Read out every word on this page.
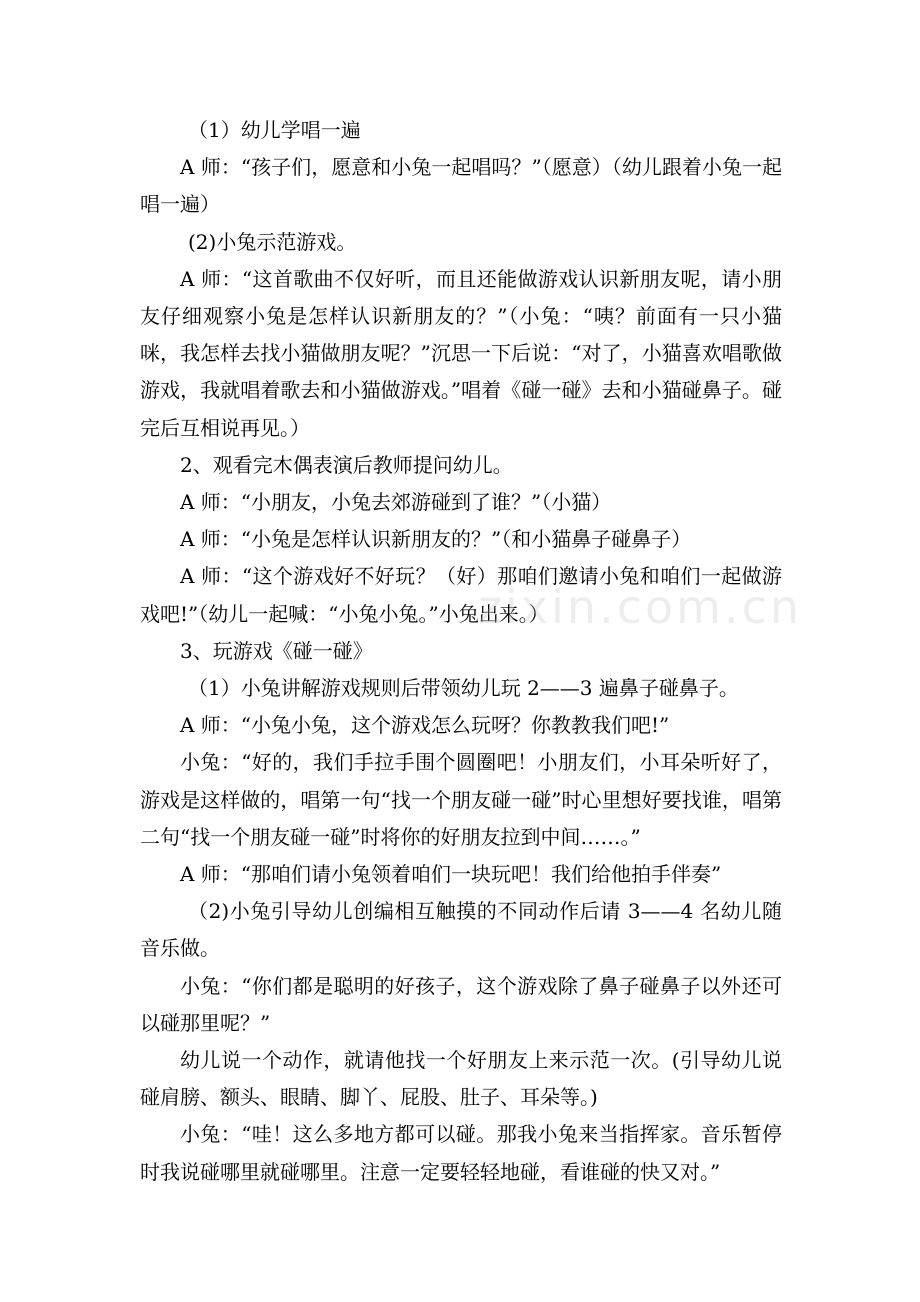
（1）幼儿学唱一遍

A 师：“孩子们，愿意和小兔一起唱吗？”（愿意）（幼儿跟着小兔一起唱一遍）

(2)小兔示范游戏。

A 师：“这首歌曲不仅好听，而且还能做游戏认识新朋友呢，请小朋友仔细观察小兔是怎样认识新朋友的？”（小兔：“咦？前面有一只小猫咪，我怎样去找小猫做朋友呢？”沉思一下后说：“对了，小猫喜欢唱歌做游戏，我就唱着歌去和小猫做游戏。”唱着《碰一碰》去和小猫碰鼻子。碰完后互相说再见。）

2、观看完木偶表演后教师提问幼儿。

A 师：“小朋友，小兔去郊游碰到了谁？”（小猫）

A 师：“小兔是怎样认识新朋友的？”（和小猫鼻子碰鼻子）

A 师：“这个游戏好不好玩？（好）那咱们邀请小兔和咱们一起做游戏吧!”（幼儿一起喊：“小兔小兔。”小兔出来。）

3、玩游戏《碰一碰》

（1）小兔讲解游戏规则后带领幼儿玩 2——3 遍鼻子碰鼻子。

A 师：“小兔小兔，这个游戏怎么玩呀？你教教我们吧!”

小兔：“好的，我们手拉手围个圆圈吧！小朋友们，小耳朵听好了，游戏是这样做的，唱第一句“找一个朋友碰一碰”时心里想好要找谁，唱第二句“找一个朋友碰一碰”时将你的好朋友拉到中间……。”

A 师：“那咱们请小兔领着咱们一块玩吧！我们给他拍手伴奏”

（2)小兔引导幼儿创编相互触摸的不同动作后请 3——4 名幼儿随音乐做。

小兔：“你们都是聪明的好孩子，这个游戏除了鼻子碰鼻子以外还可以碰那里呢？”

幼儿说一个动作，就请他找一个好朋友上来示范一次。(引导幼儿说碰肩膀、额头、眼睛、脚丫、屁股、肚子、耳朵等。)

小兔：“哇！这么多地方都可以碰。那我小兔来当指挥家。音乐暂停时我说碰哪里就碰哪里。注意一定要轻轻地碰，看谁碰的快又对。”

zixin.com.cn
